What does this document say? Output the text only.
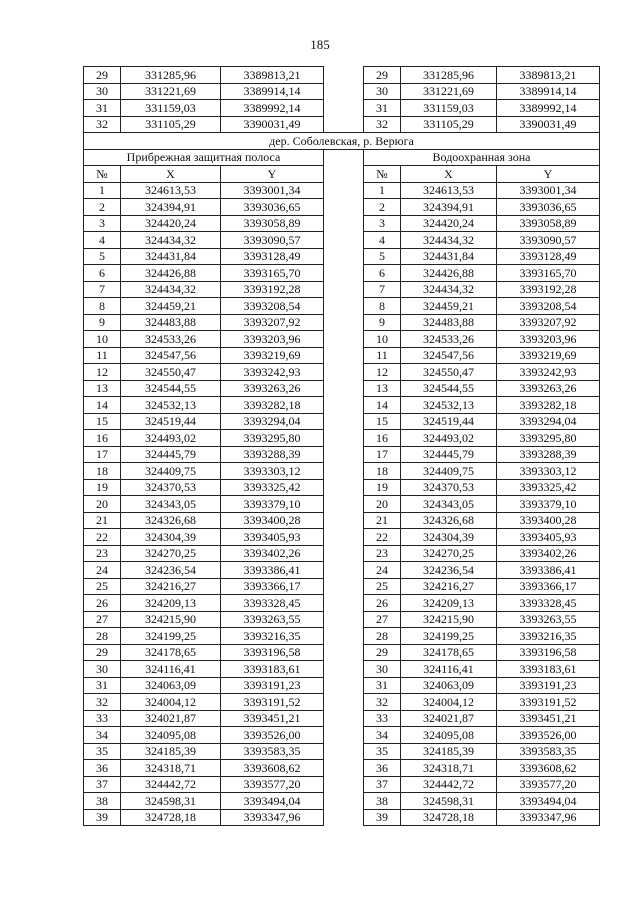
185
29	331285,96	3389813,21		29	331285,96	3389813,21
30	331221,69	3389914,14		30	331221,69	3389914,14
31	331159,03	3389992,14		31	331159,03	3389992,14
32	331105,29	3390031,49		32	331105,29	3390031,49
дер. Соболевская, р. Верюга						
Прибрежная защитная полоса				Водоохранная зона		
№	X	Y		№	X	Y
1	324613,53	3393001,34		1	324613,53	3393001,34
2	324394,91	3393036,65		2	324394,91	3393036,65
3	324420,24	3393058,89		3	324420,24	3393058,89
4	324434,32	3393090,57		4	324434,32	3393090,57
5	324431,84	3393128,49		5	324431,84	3393128,49
6	324426,88	3393165,70		6	324426,88	3393165,70
7	324434,32	3393192,28		7	324434,32	3393192,28
8	324459,21	3393208,54		8	324459,21	3393208,54
9	324483,88	3393207,92		9	324483,88	3393207,92
10	324533,26	3393203,96		10	324533,26	3393203,96
11	324547,56	3393219,69		11	324547,56	3393219,69
12	324550,47	3393242,93		12	324550,47	3393242,93
13	324544,55	3393263,26		13	324544,55	3393263,26
14	324532,13	3393282,18		14	324532,13	3393282,18
15	324519,44	3393294,04		15	324519,44	3393294,04
16	324493,02	3393295,80		16	324493,02	3393295,80
17	324445,79	3393288,39		17	324445,79	3393288,39
18	324409,75	3393303,12		18	324409,75	3393303,12
19	324370,53	3393325,42		19	324370,53	3393325,42
20	324343,05	3393379,10		20	324343,05	3393379,10
21	324326,68	3393400,28		21	324326,68	3393400,28
22	324304,39	3393405,93		22	324304,39	3393405,93
23	324270,25	3393402,26		23	324270,25	3393402,26
24	324236,54	3393386,41		24	324236,54	3393386,41
25	324216,27	3393366,17		25	324216,27	3393366,17
26	324209,13	3393328,45		26	324209,13	3393328,45
27	324215,90	3393263,55		27	324215,90	3393263,55
28	324199,25	3393216,35		28	324199,25	3393216,35
29	324178,65	3393196,58		29	324178,65	3393196,58
30	324116,41	3393183,61		30	324116,41	3393183,61
31	324063,09	3393191,23		31	324063,09	3393191,23
32	324004,12	3393191,52		32	324004,12	3393191,52
33	324021,87	3393451,21		33	324021,87	3393451,21
34	324095,08	3393526,00		34	324095,08	3393526,00
35	324185,39	3393583,35		35	324185,39	3393583,35
36	324318,71	3393608,62		36	324318,71	3393608,62
37	324442,72	3393577,20		37	324442,72	3393577,20
38	324598,31	3393494,04		38	324598,31	3393494,04
39	324728,18	3393347,96		39	324728,18	3393347,96
